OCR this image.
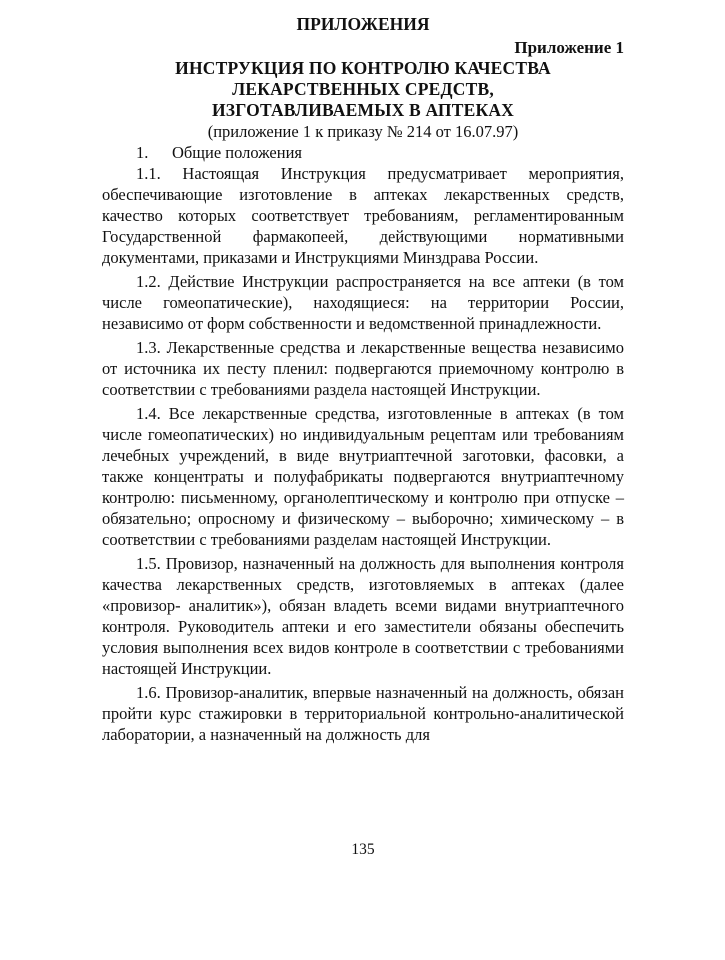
ПРИЛОЖЕНИЯ

Приложение 1

ИНСТРУКЦИЯ ПО КОНТРОЛЮ КАЧЕСТВА

ЛЕКАРСТВЕННЫХ СРЕДСТВ,

ИЗГОТАВЛИВАЕМЫХ В АПТЕКАХ

(приложение 1 к приказу № 214 от 16.07.97)

1. Общие положения

1.1. Настоящая Инструкция предусматривает мероприятия, обеспечивающие изготовление в аптеках лекарственных средств, качество которых соответствует требованиям, регламентированным Государственной фармакопеей, действующими нормативными документами, приказами и Инструкциями Минздрава России.

1.2. Действие Инструкции распространяется на все аптеки (в том числе гомеопатические), находящиеся: на территории России, независимо от форм собственности и ведомственной принадлежности.

1.3. Лекарственные средства и лекарственные вещества независимо от источника их песту пленил: подвергаются приемочному контролю в соответствии с требованиями раздела настоящей Инструкции.

1.4. Все лекарственные средства, изготовленные в аптеках (в том числе гомеопатических) но индивидуальным рецептам или требованиям лечебных учреждений, в виде внутриаптечной заготовки, фасовки, а также концентраты и полуфабрикаты подвергаются внутриаптечному контролю: письменному, органолептическому и контролю при отпуске – обязательно; опросному и физическому – выборочно; химическому – в соответствии с требованиями разделам настоящей Инструкции.

1.5. Провизор, назначенный на должность для выполнения контроля качества лекарственных средств, изготовляемых в аптеках (далее «провизор- аналитик»), обязан владеть всеми видами внутриаптечного контроля. Руководитель аптеки и его заместители обязаны обеспечить условия выполнения всех видов контроле в соответствии с требованиями настоящей Инструкции.

1.6. Провизор-аналитик, впервые назначенный на должность, обязан пройти курс стажировки в территориальной контрольно-аналитической лаборатории, а назначенный на должность для

135
